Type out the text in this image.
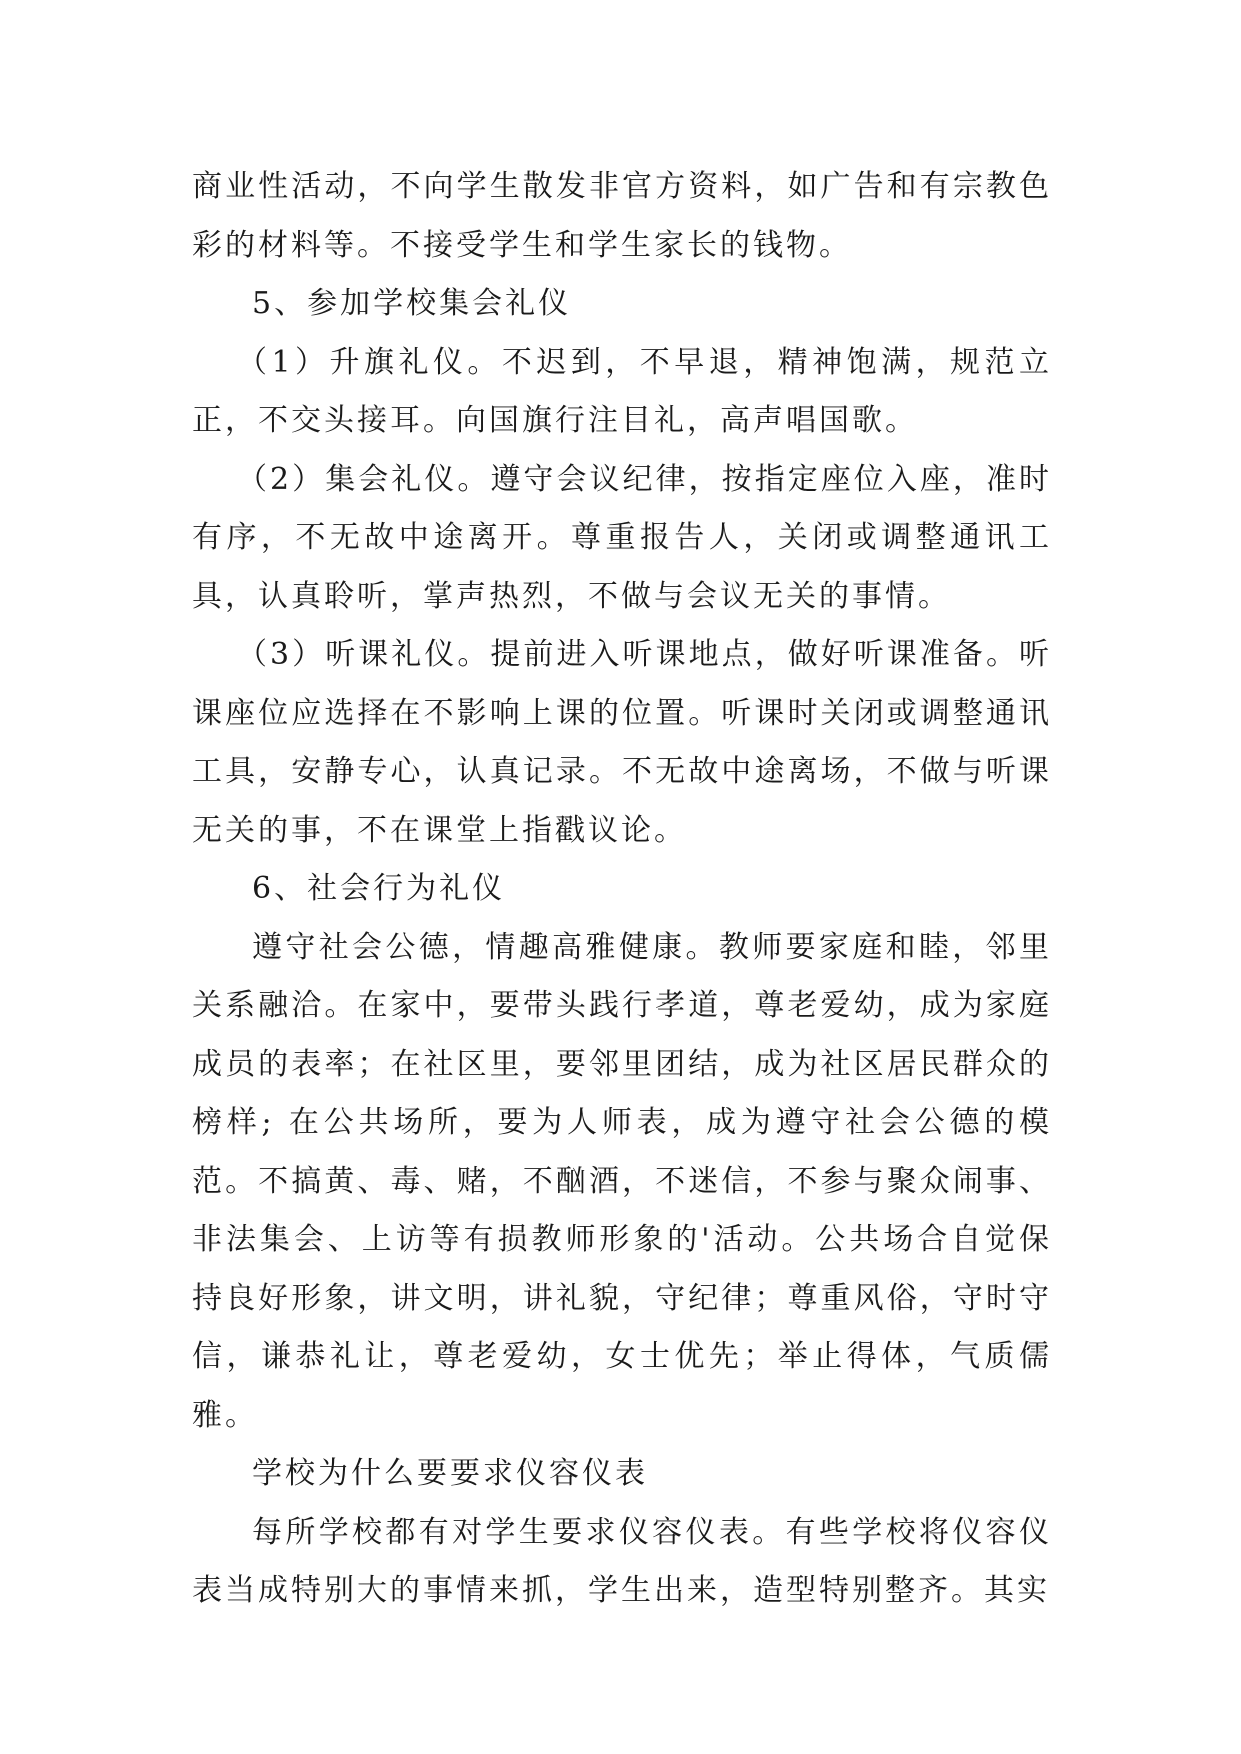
商业性活动，不向学生散发非官方资料，如广告和有宗教色彩的材料等。不接受学生和学生家长的钱物。

5、参加学校集会礼仪

（1）升旗礼仪。不迟到，不早退，精神饱满，规范立正，不交头接耳。向国旗行注目礼，高声唱国歌。

（2）集会礼仪。遵守会议纪律，按指定座位入座，准时有序，不无故中途离开。尊重报告人，关闭或调整通讯工具，认真聆听，掌声热烈，不做与会议无关的事情。

（3）听课礼仪。提前进入听课地点，做好听课准备。听课座位应选择在不影响上课的位置。听课时关闭或调整通讯工具，安静专心，认真记录。不无故中途离场，不做与听课无关的事，不在课堂上指戳议论。

6、社会行为礼仪

遵守社会公德，情趣高雅健康。教师要家庭和睦，邻里关系融洽。在家中，要带头践行孝道，尊老爱幼，成为家庭成员的表率；在社区里，要邻里团结，成为社区居民群众的榜样; 在公共场所，要为人师表，成为遵守社会公德的模范。不搞黄、毒、赌，不酗酒，不迷信，不参与聚众闹事、非法集会、上访等有损教师形象的'活动。公共场合自觉保持良好形象，讲文明，讲礼貌，守纪律；尊重风俗，守时守信，谦恭礼让，尊老爱幼，女士优先；举止得体，气质儒雅。

学校为什么要要求仪容仪表

每所学校都有对学生要求仪容仪表。有些学校将仪容仪表当成特别大的事情来抓，学生出来，造型特别整齐。其实
